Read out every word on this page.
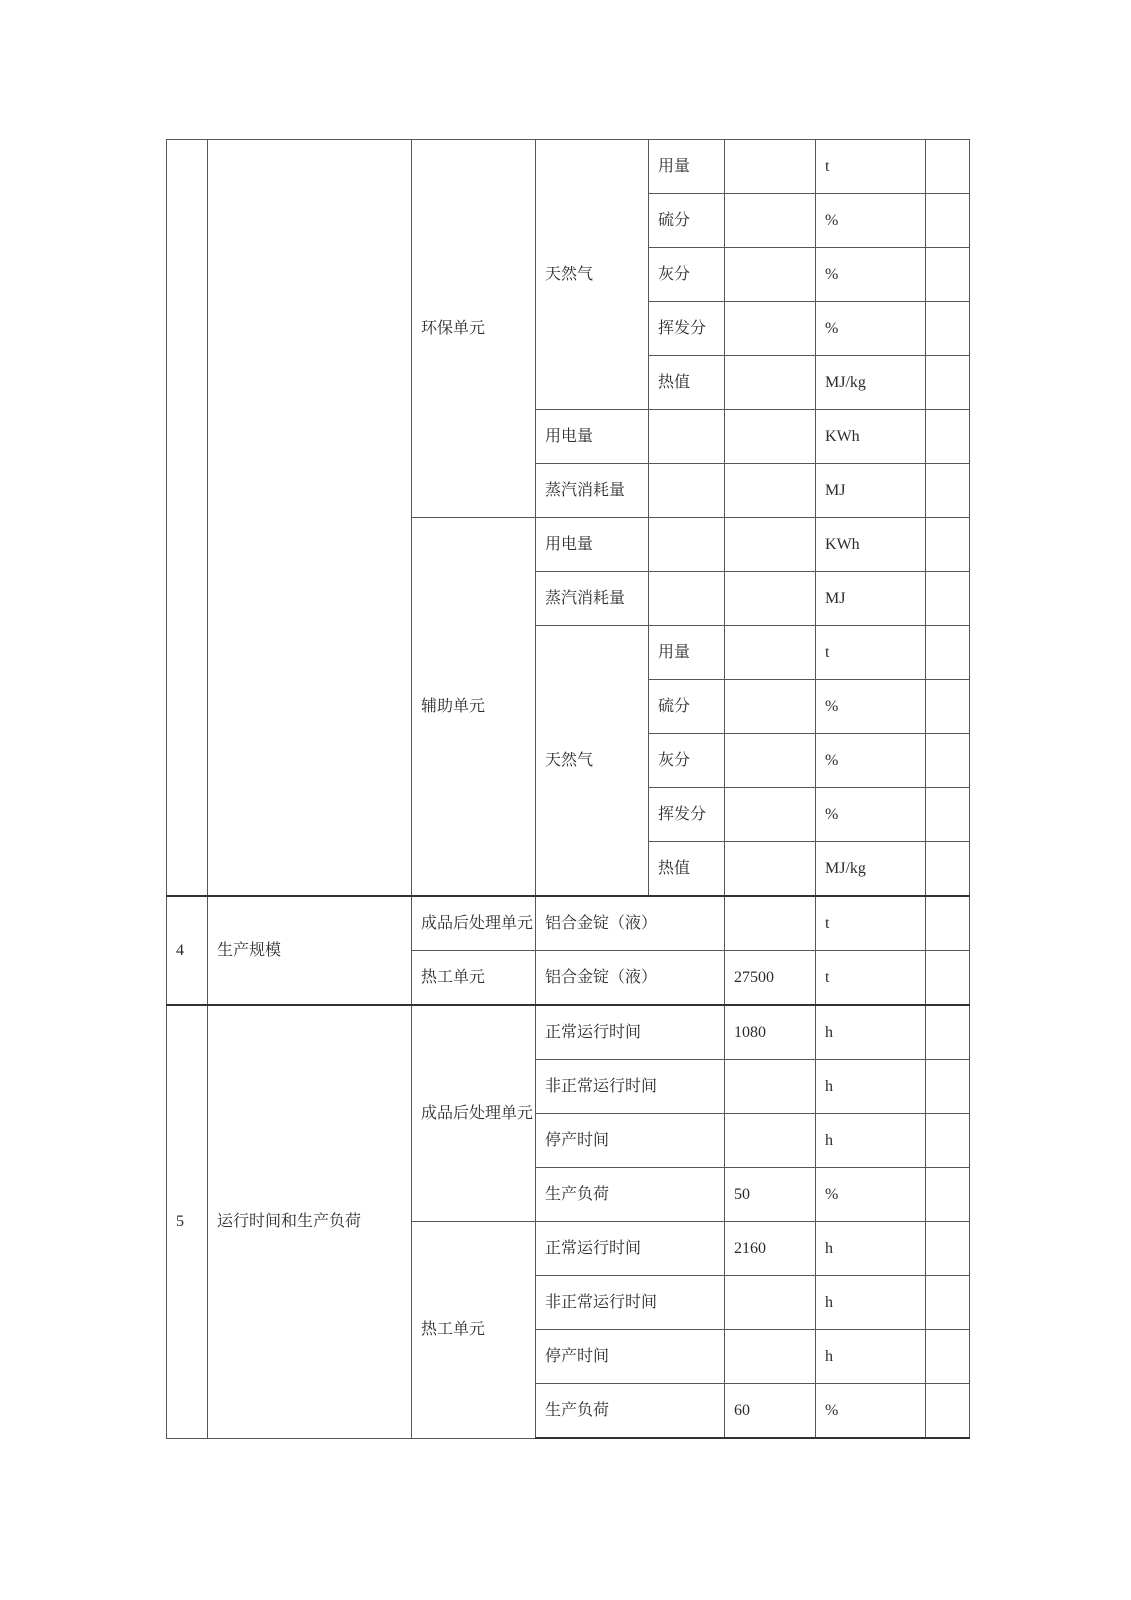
		环保单元	天然气	用量		t	
				硫分		%	
				灰分		%	
				挥发分		%	
				热值		MJ/kg	
			用电量			KWh	
			蒸汽消耗量			MJ	
		辅助单元	用电量			KWh	
			蒸汽消耗量			MJ	
			天然气	用量		t	
				硫分		%	
				灰分		%	
				挥发分		%	
				热值		MJ/kg	
4	生产规模	成品后处理单元	铝合金锭（液）			t	
		热工单元	铝合金锭（液）		27500	t	
5	运行时间和生产负荷	成品后处理单元	正常运行时间		1080	h	
			非正常运行时间			h	
			停产时间			h	
			生产负荷		50	%	
		热工单元	正常运行时间		2160	h	
			非正常运行时间			h	
			停产时间			h	
			生产负荷		60	%	
